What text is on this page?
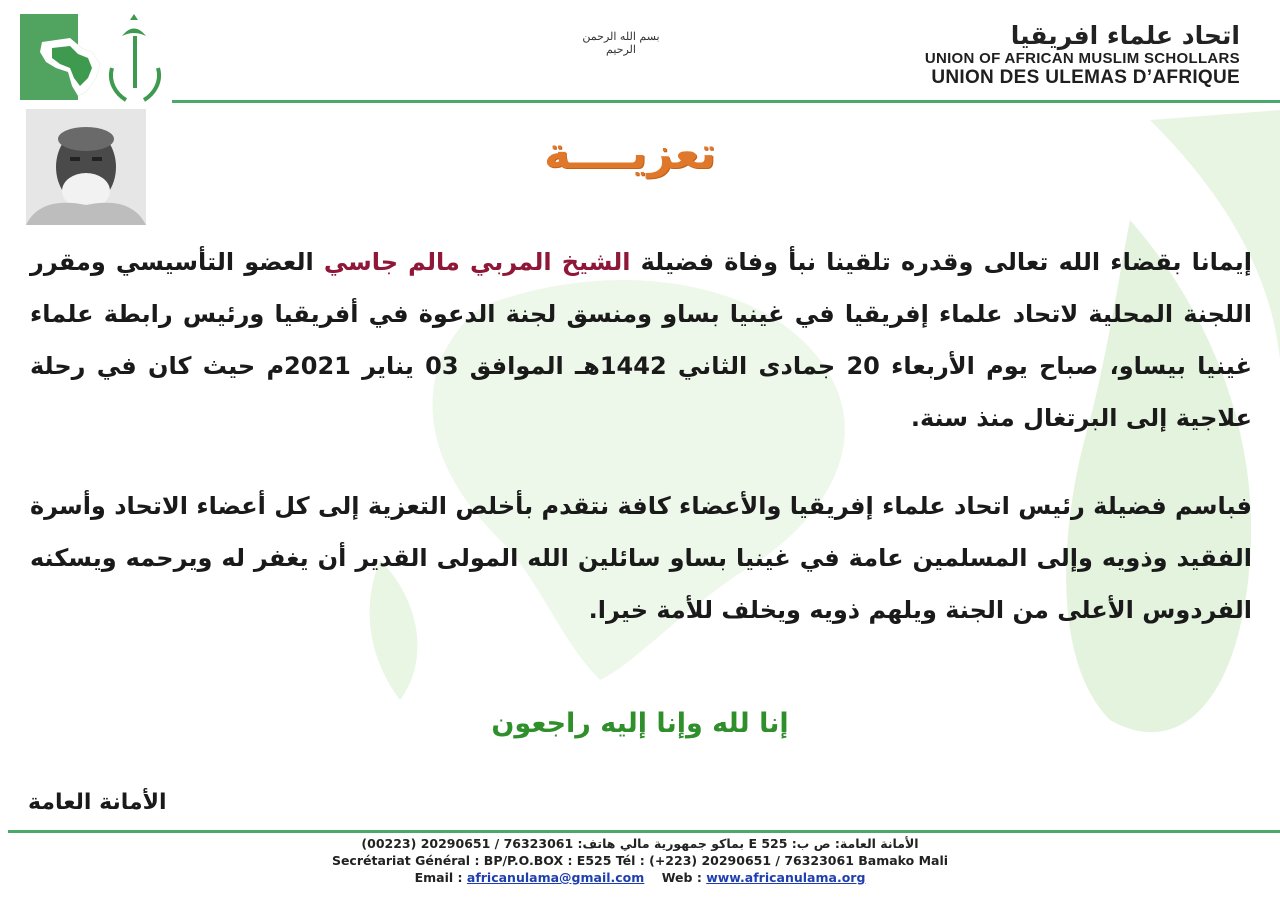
بسم الله الرحمن الرحيم	اتحاد علماء افريقيا
UNION OF AFRICAN MUSLIM SCHOLLARS
UNION DES ULEMAS D’AFRIQUE
تعزيــــة
إيمانا بقضاء الله تعالى وقدره تلقينا نبأ وفاة فضيلة الشيخ المربي مالم جاسي العضو التأسيسي ومقرر اللجنة المحلية لاتحاد علماء إفريقيا في غينيا بساو ومنسق لجنة الدعوة في أفريقيا ورئيس رابطة علماء غينيا بيساو، صباح يوم الأربعاء 20 جمادى الثاني 1442هـ الموافق 03 يناير 2021م حيث كان في رحلة علاجية إلى البرتغال منذ سنة.
فباسم فضيلة رئيس اتحاد علماء إفريقيا والأعضاء كافة نتقدم بأخلص التعزية إلى كل أعضاء الاتحاد وأسرة الفقيد وذويه وإلى المسلمين عامة في غينيا بساو سائلين الله المولى القدير أن يغفر له ويرحمه ويسكنه الفردوس الأعلى من الجنة ويلهم ذويه ويخلف للأمة خيرا.
إنا لله وإنا إليه راجعون
الأمانة العامة
الأمانة العامة: ص ب: E 525 بماكو جمهورية مالي هاتف: 76323061 / 20290651 (00223)
Secrétariat Général : BP/P.O.BOX : E525 Tél : (+223) 20290651 / 76323061 Bamako Mali
Email : africanulama@gmail.com Web : www.africanulama.org
